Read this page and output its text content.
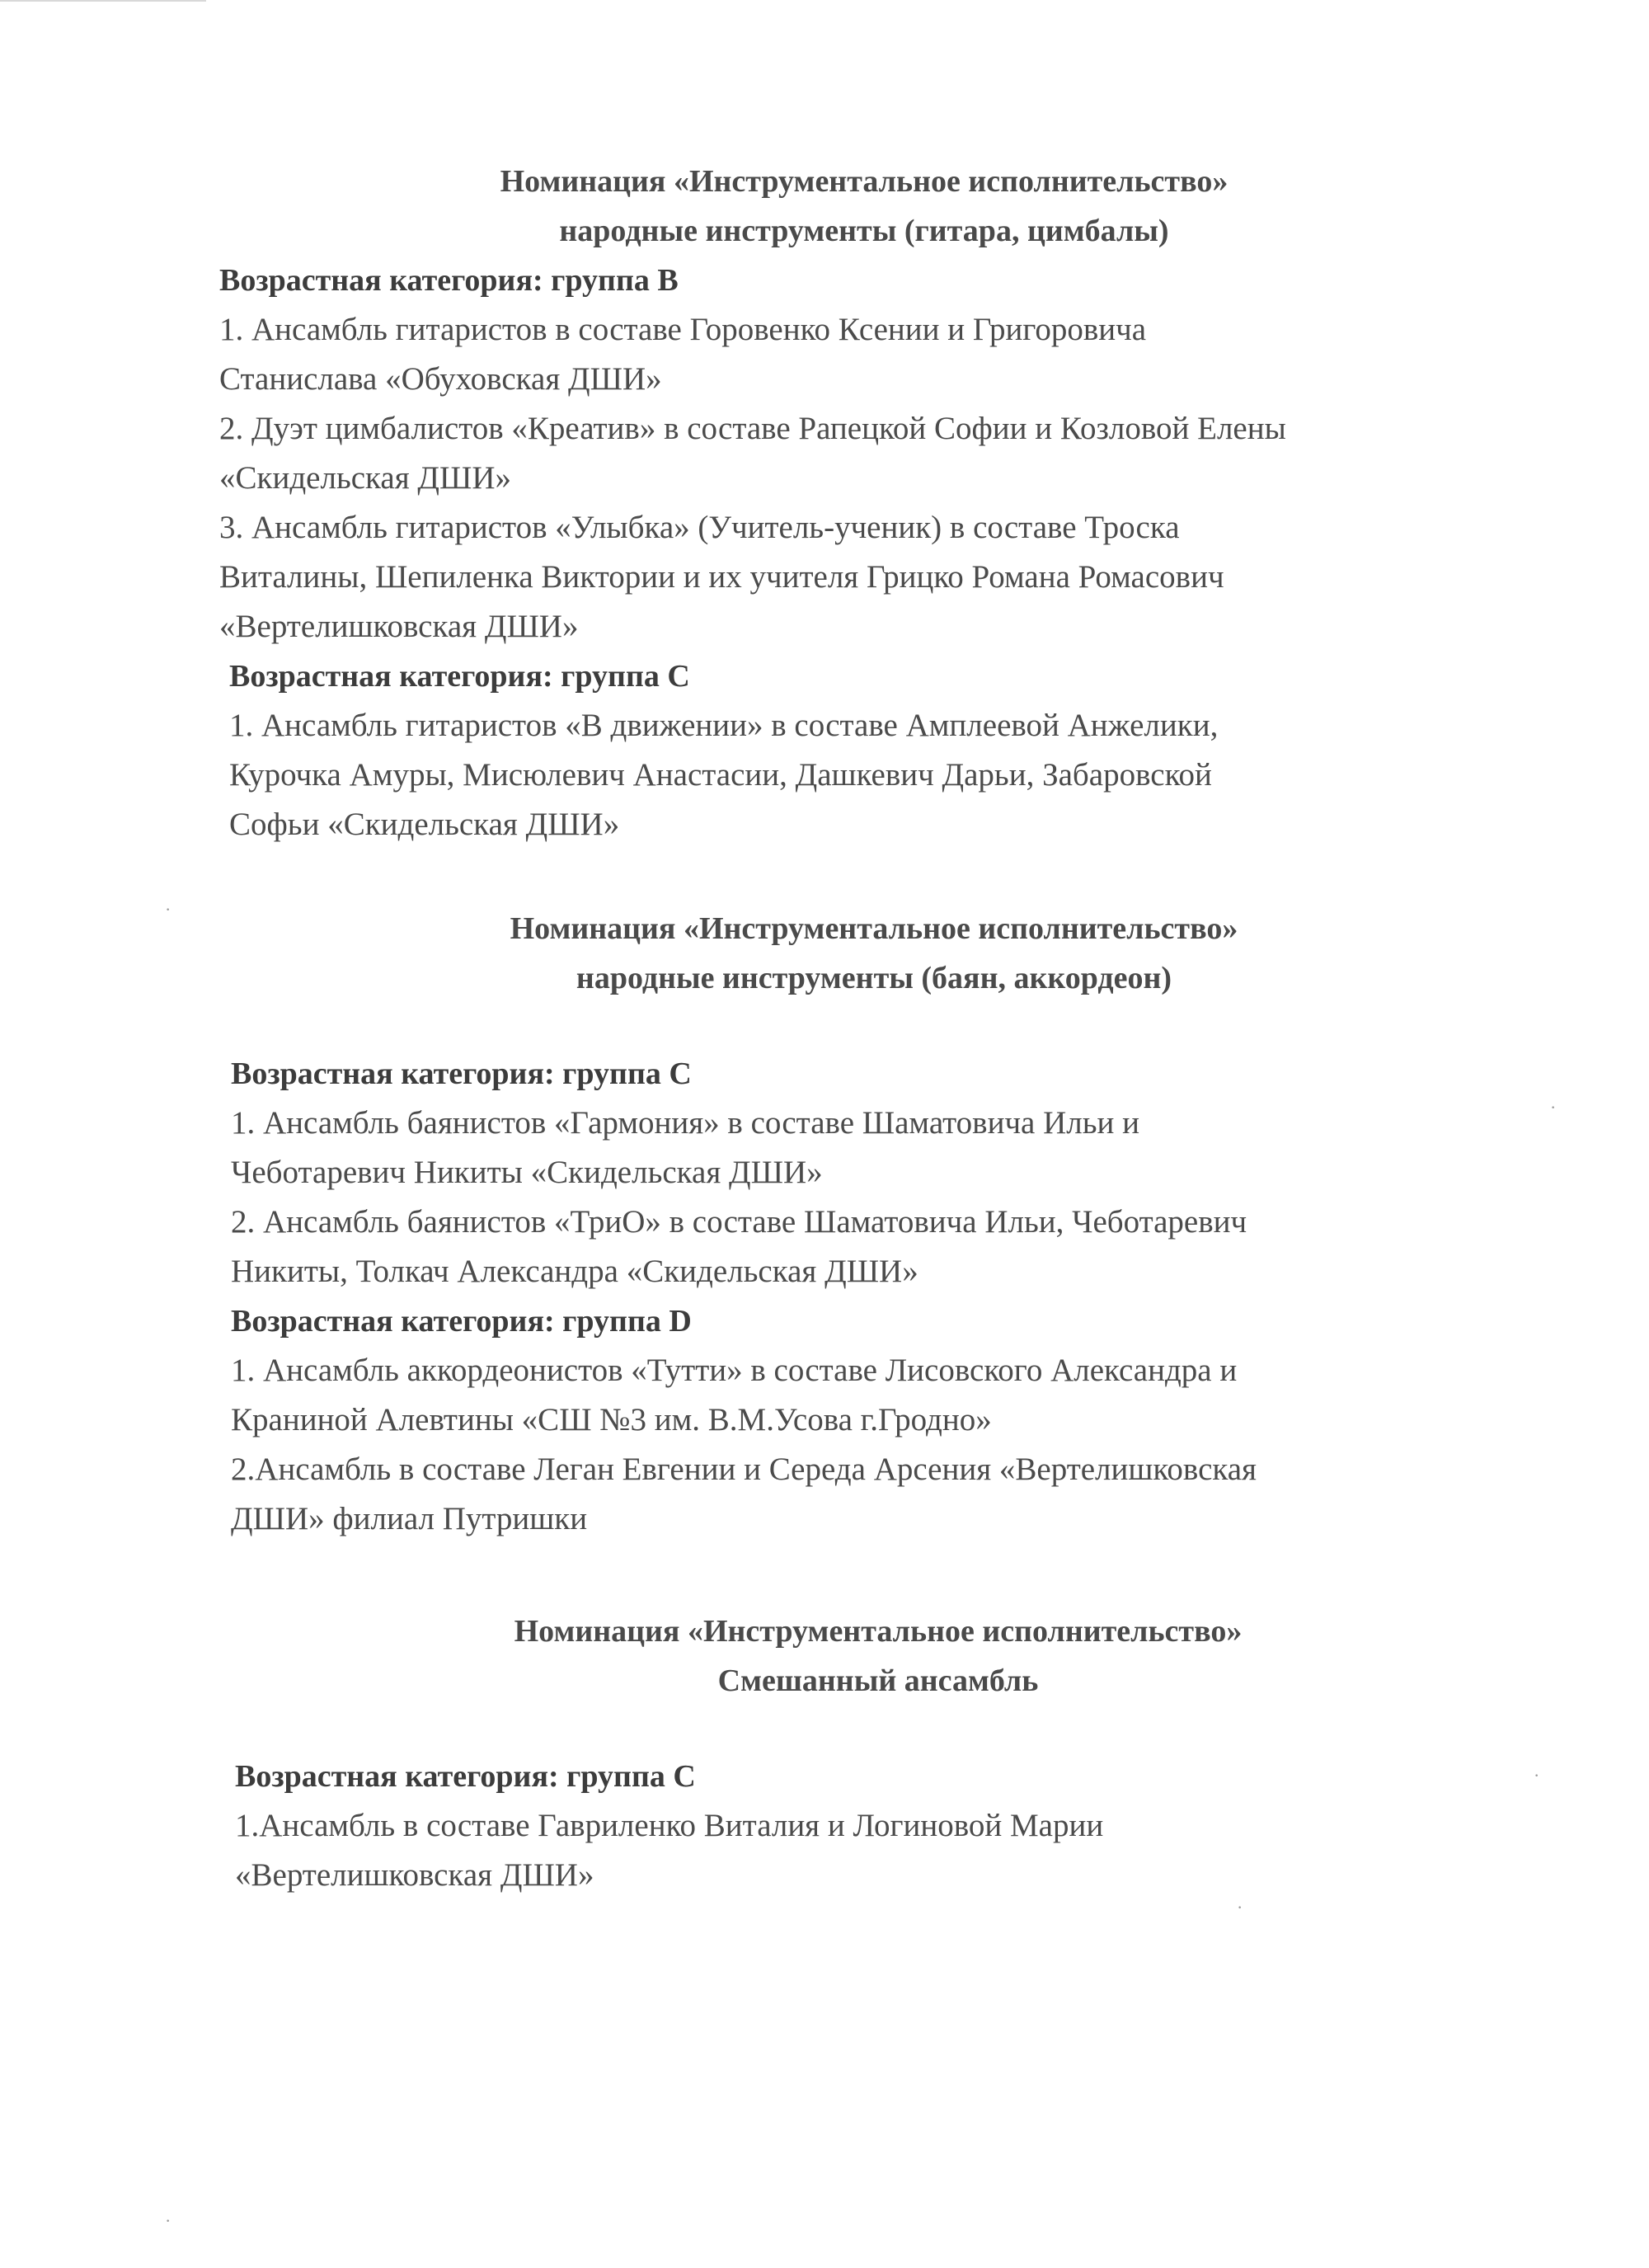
Номинация «Инструментальное исполнительство»
народные инструменты (гитара, цимбалы)

Возрастная категория: группа В

1. Ансамбль гитаристов в составе Горовенко Ксении и Григоровича
Станислава «Обуховская ДШИ»

2. Дуэт цимбалистов «Креатив» в составе Рапецкой Софии и Козловой Елены
«Скидельская ДШИ»

3. Ансамбль гитаристов «Улыбка» (Учитель-ученик) в составе Троска
Виталины, Шепиленка Виктории и их учителя Грицко Романа Ромасович
«Вертелишковская ДШИ»

Возрастная категория: группа С

1. Ансамбль гитаристов «В движении» в составе Амплеевой Анжелики,
Курочка Амуры, Мисюлевич Анастасии, Дашкевич Дарьи, Забаровской
Софьи «Скидельская ДШИ»

Номинация «Инструментальное исполнительство»
народные инструменты (баян, аккордеон)

Возрастная категория: группа С

1. Ансамбль баянистов «Гармония» в составе Шаматовича Ильи и
Чеботаревич Никиты «Скидельская ДШИ»

2. Ансамбль баянистов «ТриО» в составе Шаматовича Ильи, Чеботаревич
Никиты, Толкач Александра «Скидельская ДШИ»

Возрастная категория: группа D

1. Ансамбль аккордеонистов «Тутти» в составе Лисовского Александра и
Краниной Алевтины «СШ №3 им. В.М.Усова г.Гродно»

2.Ансамбль в составе Леган Евгении и Середа Арсения «Вертелишковская
ДШИ» филиал Путришки

Номинация «Инструментальное исполнительство»
Смешанный ансамбль

Возрастная категория: группа С

1.Ансамбль в составе Гавриленко Виталия и Логиновой Марии
«Вертелишковская ДШИ»

·
·
·
·
·
